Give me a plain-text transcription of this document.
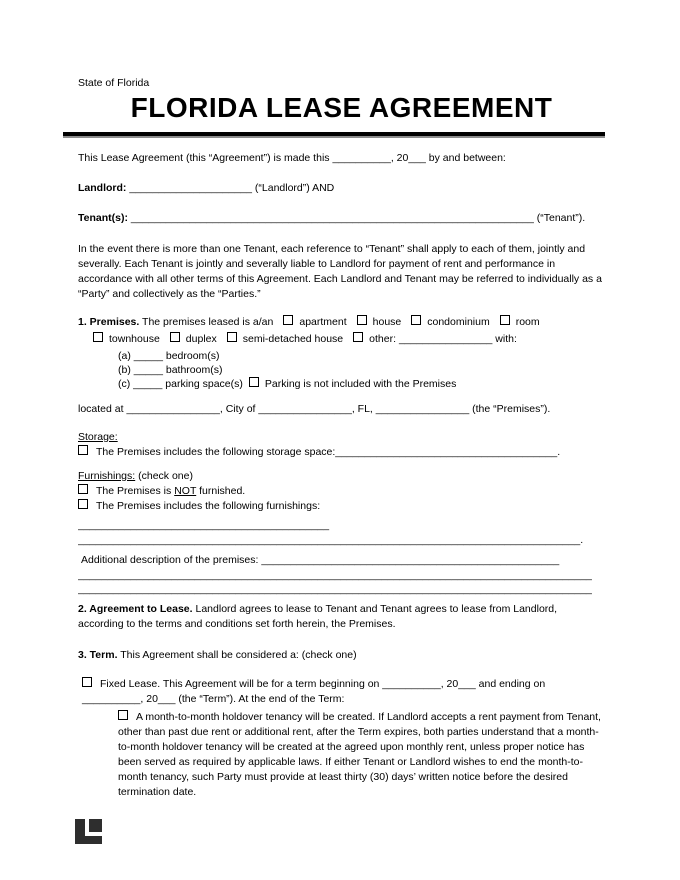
State of Florida
FLORIDA LEASE AGREEMENT

This Lease Agreement (this “Agreement”) is made this __________, 20___ by and between:

Landlord: _____________________ (“Landlord”) AND

Tenant(s): _____________________________________________________________________ (“Tenant”).

In the event there is more than one Tenant, each reference to “Tenant” shall apply to each of them, jointly and severally. Each Tenant is jointly and severally liable to Landlord for payment of rent and performance in accordance with all other terms of this Agreement. Each Landlord and Tenant may be referred to individually as a “Party” and collectively as the “Parties.”

1. Premises. The premises leased is a/an apartment house condominium room

townhouse duplex semi-detached house other: ________________ with:

(a) _____ bedroom(s)
(b) _____ bathroom(s)
(c) _____ parking space(s) Parking is not included with the Premises

located at ________________, City of ________________, FL, ________________ (the “Premises”).

Storage:

The Premises includes the following storage space:______________________________________.

Furnishings: (check one)

The Premises is NOT furnished.

The Premises includes the following furnishings:

___________________________________________
______________________________________________________________________________________.

Additional description of the premises: ___________________________________________________

________________________________________________________________________________________
________________________________________________________________________________________

2. Agreement to Lease. Landlord agrees to lease to Tenant and Tenant agrees to lease from Landlord, according to the terms and conditions set forth herein, the Premises.

3. Term. This Agreement shall be considered a: (check one)

Fixed Lease. This Agreement will be for a term beginning on __________, 20___ and ending on __________, 20___ (the “Term”). At the end of the Term:

A month-to-month holdover tenancy will be created. If Landlord accepts a rent payment from Tenant, other than past due rent or additional rent, after the Term expires, both parties understand that a month-to-month holdover tenancy will be created at the agreed upon monthly rent, unless proper notice has been served as required by applicable laws. If either Tenant or Landlord wishes to end the month-to-month tenancy, such Party must provide at least thirty (30) days’ written notice before the desired termination date.
